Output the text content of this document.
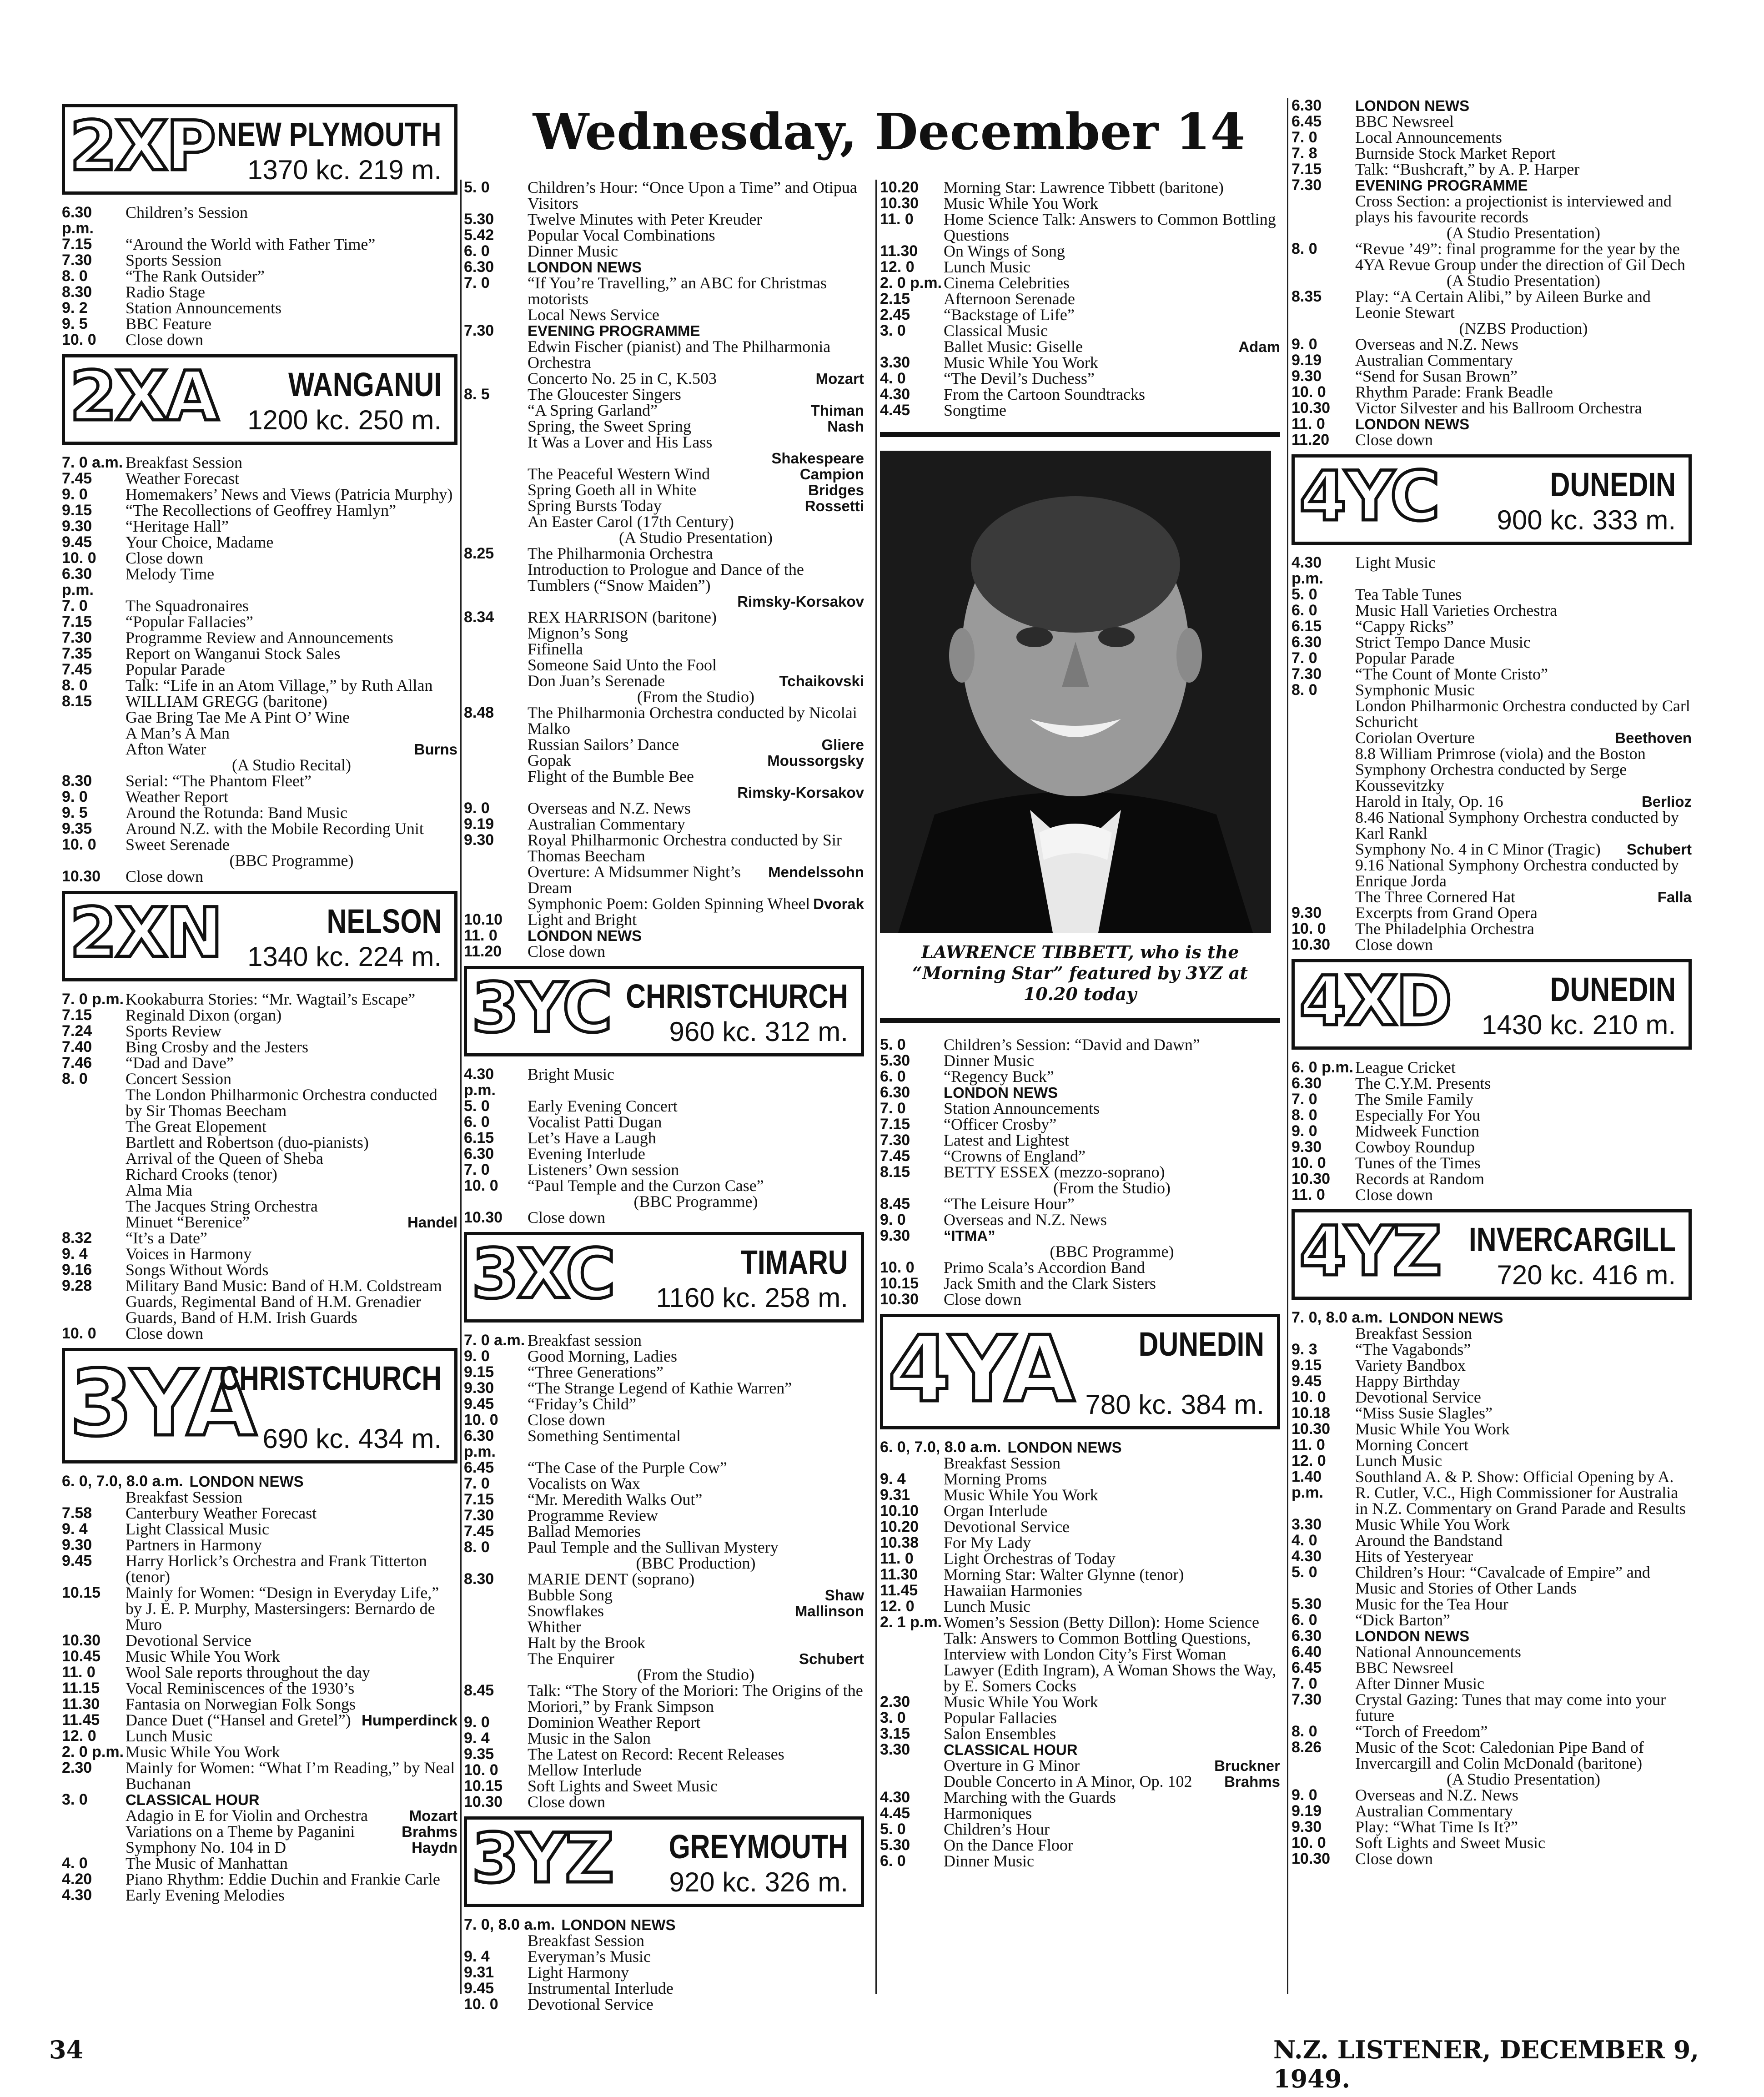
Wednesday, December 14
2XP NEW PLYMOUTH
1370 kc. 219 m.
6.30 p.m.
Children’s Session
7.15	“Around the World with Father Time”
7.30	Sports Session
8. 0	“The Rank Outsider”
8.30	Radio Stage
9. 2	Station Announcements
9. 5	BBC Feature
10. 0	Close down
2XA WANGANUI
1200 kc. 250 m.
7. 0 a.m. Breakfast Session
7.45	Weather Forecast
9. 0	Homemakers’ News and Views (Patricia Murphy)
9.15	“The Recollections of Geoffrey Hamlyn”
9.30	“Heritage Hall”
9.45	Your Choice, Madame
10. 0	Close down
6.30 p.m.
Melody Time
7. 0	The Squadronaires
7.15	“Popular Fallacies”
7.30	Programme Review and Announcements
7.35	Report on Wanganui Stock Sales
7.45	Popular Parade
8. 0	Talk: “Life in an Atom Village,” by Ruth Allan
8.15	WILLIAM GREGG (baritone)
Gae Bring Tae Me A Pint O’ Wine
A Man’s A Man
Afton Water	Burns
(A Studio Recital)
8.30	Serial: “The Phantom Fleet”
9. 0	Weather Report
9. 5	Around the Rotunda: Band Music
9.35	Around N.Z. with the Mobile Recording Unit
10. 0	Sweet Serenade
(BBC Programme)
10.30	Close down
2XN	NELSON
1340 kc. 224 m.
7. 0 p.m. Kookaburra Stories: “Mr. Wagtail’s Escape”
7.15	Reginald Dixon (organ)
7.24	Sports Review
7.40	Bing Crosby and the Jesters
7.46	“Dad and Dave”
8. 0	Concert Session
The London Philharmonic Orchestra conducted by Sir Thomas Beecham
The Great Elopement
Bartlett and Robertson (duo-pianists)
Arrival of the Queen of Sheba
Richard Crooks (tenor)
Alma Mia
The Jacques String Orchestra
Minuet “Berenice”	Handel
8.32	“It’s a Date”
9. 4	Voices in Harmony
9.16	Songs Without Words
9.28	Military Band Music: Band of H.M. Coldstream Guards, Regimental Band of H.M. Grenadier Guards, Band of H.M. Irish Guards
10. 0	Close down
3YA
CHRISTCHURCH
690 kc. 434 m.
6. 0, 7.0, 8.0 a.m. LONDON NEWS
Breakfast Session
7.58	Canterbury Weather Forecast
9. 4	Light Classical Music
9.30	Partners in Harmony
9.45	Harry Horlick’s Orchestra and Frank Titterton (tenor)
10.15	Mainly for Women: “Design in Everyday Life,” by J. E. P. Murphy, Mastersingers: Bernardo de Muro
10.30	Devotional Service
10.45	Music While You Work
11. 0	Wool Sale reports throughout the day
11.15	Vocal Reminiscences of the 1930’s
11.30	Fantasia on Norwegian Folk Songs
11.45	Dance Duet (“Hansel and Gretel”) Humperdinck
12. 0	Lunch Music
2. 0 p.m. Music While You Work
2.30	Mainly for Women: “What I’m Reading,” by Neal Buchanan
3. 0	CLASSICAL HOUR
Adagio in E for Violin and Orchestra	Mozart
Variations on a Theme by Paganini	Brahms
Symphony No. 104 in D	Haydn
4. 0	The Music of Manhattan
4.20	Piano Rhythm: Eddie Duchin and Frankie Carle
4.30	Early Evening Melodies
5. 0	Children’s Hour: “Once Upon a Time” and Otipua Visitors
5.30	Twelve Minutes with Peter Kreuder
5.42	Popular Vocal Combinations
6. 0	Dinner Music
6.30	LONDON NEWS
7. 0	“If You’re Travelling,” an ABC for Christmas motorists
Local News Service
7.30	EVENING PROGRAMME
Edwin Fischer (pianist) and The Philharmonia Orchestra
Concerto No. 25 in C, K.503	Mozart
8. 5	The Gloucester Singers
“A Spring Garland”	Thiman
Spring, the Sweet Spring	Nash
It Was a Lover and His Lass
Shakespeare
The Peaceful Western Wind	Campion
Spring Goeth all in White	Bridges
Spring Bursts Today	Rossetti
An Easter Carol (17th Century)
(A Studio Presentation)
8.25	The Philharmonia Orchestra
Introduction to Prologue and Dance of the Tumblers (“Snow Maiden”)
Rimsky-Korsakov
8.34	REX HARRISON (baritone)
Mignon’s Song
Fifinella
Someone Said Unto the Fool
Don Juan’s Serenade	Tchaikovski
(From the Studio)
8.48	The Philharmonia Orchestra conducted by Nicolai Malko
Russian Sailors’ Dance	Gliere
Gopak	Moussorgsky
Flight of the Bumble Bee
Rimsky-Korsakov
9. 0	Overseas and N.Z. News
9.19	Australian Commentary
9.30	Royal Philharmonic Orchestra conducted by Sir Thomas Beecham
Overture: A Midsummer Night’s Dream
Mendelssohn
Symphonic Poem: Golden Spinning Wheel Dvorak
10.10	Light and Bright
11. 0	LONDON NEWS
11.20	Close down
3YC CHRISTCHURCH
960 kc. 312 m.
4.30 p.m.
Bright Music
5. 0	Early Evening Concert
6. 0	Vocalist Patti Dugan
6.15	Let’s Have a Laugh
6.30	Evening Interlude
7. 0	Listeners’ Own session
10. 0	“Paul Temple and the Curzon Case”
(BBC Programme)
10.30	Close down
3XC	TIMARU
1160 kc. 258 m.
7. 0 a.m. Breakfast session
9. 0	Good Morning, Ladies
9.15	“Three Generations”
9.30	“The Strange Legend of Kathie Warren”
9.45	“Friday’s Child”
10. 0	Close down
6.30 p.m.
Something Sentimental
6.45	“The Case of the Purple Cow”
7. 0	Vocalists on Wax
7.15	“Mr. Meredith Walks Out”
7.30	Programme Review
7.45	Ballad Memories
8. 0	Paul Temple and the Sullivan Mystery
(BBC Production)
8.30	MARIE DENT (soprano)
Bubble Song	Shaw
Snowflakes	Mallinson
Whither
Halt by the Brook
The Enquirer	Schubert
(From the Studio)
8.45	Talk: “The Story of the Moriori: The Origins of the Moriori,” by Frank Simpson
9. 0	Dominion Weather Report
9. 4	Music in the Salon
9.35	The Latest on Record: Recent Releases
10. 0	Mellow Interlude
10.15	Soft Lights and Sweet Music
10.30	Close down
3YZ GREYMOUTH
920 kc. 326 m.
7. 0, 8.0 a.m. LONDON NEWS
Breakfast Session
9. 4	Everyman’s Music
9.31	Light Harmony
9.45	Instrumental Interlude
10. 0	Devotional Service
10.20	Morning Star: Lawrence Tibbett (baritone)
10.30	Music While You Work
11. 0	Home Science Talk: Answers to Common Bottling Questions
11.30	On Wings of Song
12. 0	Lunch Music
2. 0 p.m. Cinema Celebrities
2.15	Afternoon Serenade
2.45	“Backstage of Life”
3. 0	Classical Music
Ballet Music: Giselle	Adam
3.30	Music While You Work
4. 0	“The Devil’s Duchess”
4.30	From the Cartoon Soundtracks
4.45	Songtime
LAWRENCE TIBBETT, who is the “Morning Star” featured by 3YZ at 10.20 today
5. 0	Children’s Session: “David and Dawn”
5.30	Dinner Music
6. 0	“Regency Buck”
6.30	LONDON NEWS
7. 0	Station Announcements
7.15	“Officer Crosby”
7.30	Latest and Lightest
7.45	“Crowns of England”
8.15	BETTY ESSEX (mezzo-soprano)
(From the Studio)
8.45	“The Leisure Hour”
9. 0	Overseas and N.Z. News
9.30	“ITMA”
(BBC Programme)
10. 0	Primo Scala’s Accordion Band
10.15	Jack Smith and the Clark Sisters
10.30	Close down
4YA DUNEDIN
780 kc. 384 m.
6. 0, 7.0, 8.0 a.m. LONDON NEWS
Breakfast Session
9. 4	Morning Proms
9.31	Music While You Work
10.10	Organ Interlude
10.20	Devotional Service
10.38	For My Lady
11. 0	Light Orchestras of Today
11.30	Morning Star: Walter Glynne (tenor)
11.45	Hawaiian Harmonies
12. 0	Lunch Music
2. 1 p.m. Women’s Session (Betty Dillon): Home Science Talk: Answers to Common Bottling Questions, Interview with London City’s First Woman Lawyer (Edith Ingram), A Woman Shows the Way, by E. Somers Cocks
2.30	Music While You Work
3. 0	Popular Fallacies
3.15	Salon Ensembles
3.30	CLASSICAL HOUR
Overture in G Minor	Bruckner
Double Concerto in A Minor, Op. 102 Brahms
4.30	Marching with the Guards
4.45	Harmoniques
5. 0	Children’s Hour
5.30	On the Dance Floor
6. 0	Dinner Music
6.30	LONDON NEWS
6.45	BBC Newsreel
7. 0	Local Announcements
7. 8	Burnside Stock Market Report
7.15	Talk: “Bushcraft,” by A. P. Harper
7.30	EVENING PROGRAMME
Cross Section: a projectionist is interviewed and plays his favourite records
(A Studio Presentation)
8. 0	“Revue ’49”: final programme for the year by the 4YA Revue Group under the direction of Gil Dech
(A Studio Presentation)
8.35	Play: “A Certain Alibi,” by Aileen Burke and Leonie Stewart
(NZBS Production)
9. 0	Overseas and N.Z. News
9.19	Australian Commentary
9.30	“Send for Susan Brown”
10. 0	Rhythm Parade: Frank Beadle
10.30	Victor Silvester and his Ballroom Orchestra
11. 0	LONDON NEWS
11.20	Close down
4YC	DUNEDIN
900 kc. 333 m.
4.30 p.m.
Light Music
5. 0	Tea Table Tunes
6. 0	Music Hall Varieties Orchestra
6.15	“Cappy Ricks”
6.30	Strict Tempo Dance Music
7. 0	Popular Parade
7.30	“The Count of Monte Cristo”
8. 0	Symphonic Music
London Philharmonic Orchestra conducted by Carl Schuricht
Coriolan Overture	Beethoven
8.8 William Primrose (viola) and the Boston Symphony Orchestra conducted by Serge Koussevitzky
Harold in Italy, Op. 16	Berlioz
8.46 National Symphony Orchestra conducted by Karl Rankl
Symphony No. 4 in C Minor (Tragic) Schubert
9.16 National Symphony Orchestra conducted by Enrique Jorda
The Three Cornered Hat	Falla
9.30	Excerpts from Grand Opera
10. 0	The Philadelphia Orchestra
10.30	Close down
4XD	DUNEDIN
1430 kc. 210 m.
6. 0 p.m. League Cricket
6.30	The C.Y.M. Presents
7. 0	The Smile Family
8. 0	Especially For You
9. 0	Midweek Function
9.30	Cowboy Roundup
10. 0	Tunes of the Times
10.30	Records at Random
11. 0	Close down
4YZ INVERCARGILL
720 kc. 416 m.
7. 0, 8.0 a.m. LONDON NEWS
Breakfast Session
9. 3	“The Vagabonds”
9.15	Variety Bandbox
9.45	Happy Birthday
10. 0	Devotional Service
10.18	“Miss Susie Slagles”
10.30	Music While You Work
11. 0	Morning Concert
12. 0	Lunch Music
1.40 p.m.
Southland A. & P. Show: Official Opening by A. R. Cutler, V.C., High Commissioner for Australia in N.Z. Commentary on Grand Parade and Results
3.30	Music While You Work
4. 0	Around the Bandstand
4.30	Hits of Yesteryear
5. 0	Children’s Hour: “Cavalcade of Empire” and Music and Stories of Other Lands
5.30	Music for the Tea Hour
6. 0	“Dick Barton”
6.30	LONDON NEWS
6.40	National Announcements
6.45	BBC Newsreel
7. 0	After Dinner Music
7.30	Crystal Gazing: Tunes that may come into your future
8. 0	“Torch of Freedom”
8.26	Music of the Scot: Caledonian Pipe Band of Invercargill and Colin McDonald (baritone)
(A Studio Presentation)
9. 0	Overseas and N.Z. News
9.19	Australian Commentary
9.30	Play: “What Time Is It?”
10. 0	Soft Lights and Sweet Music
10.30	Close down
34	N.Z. LISTENER, DECEMBER 9, 1949.
